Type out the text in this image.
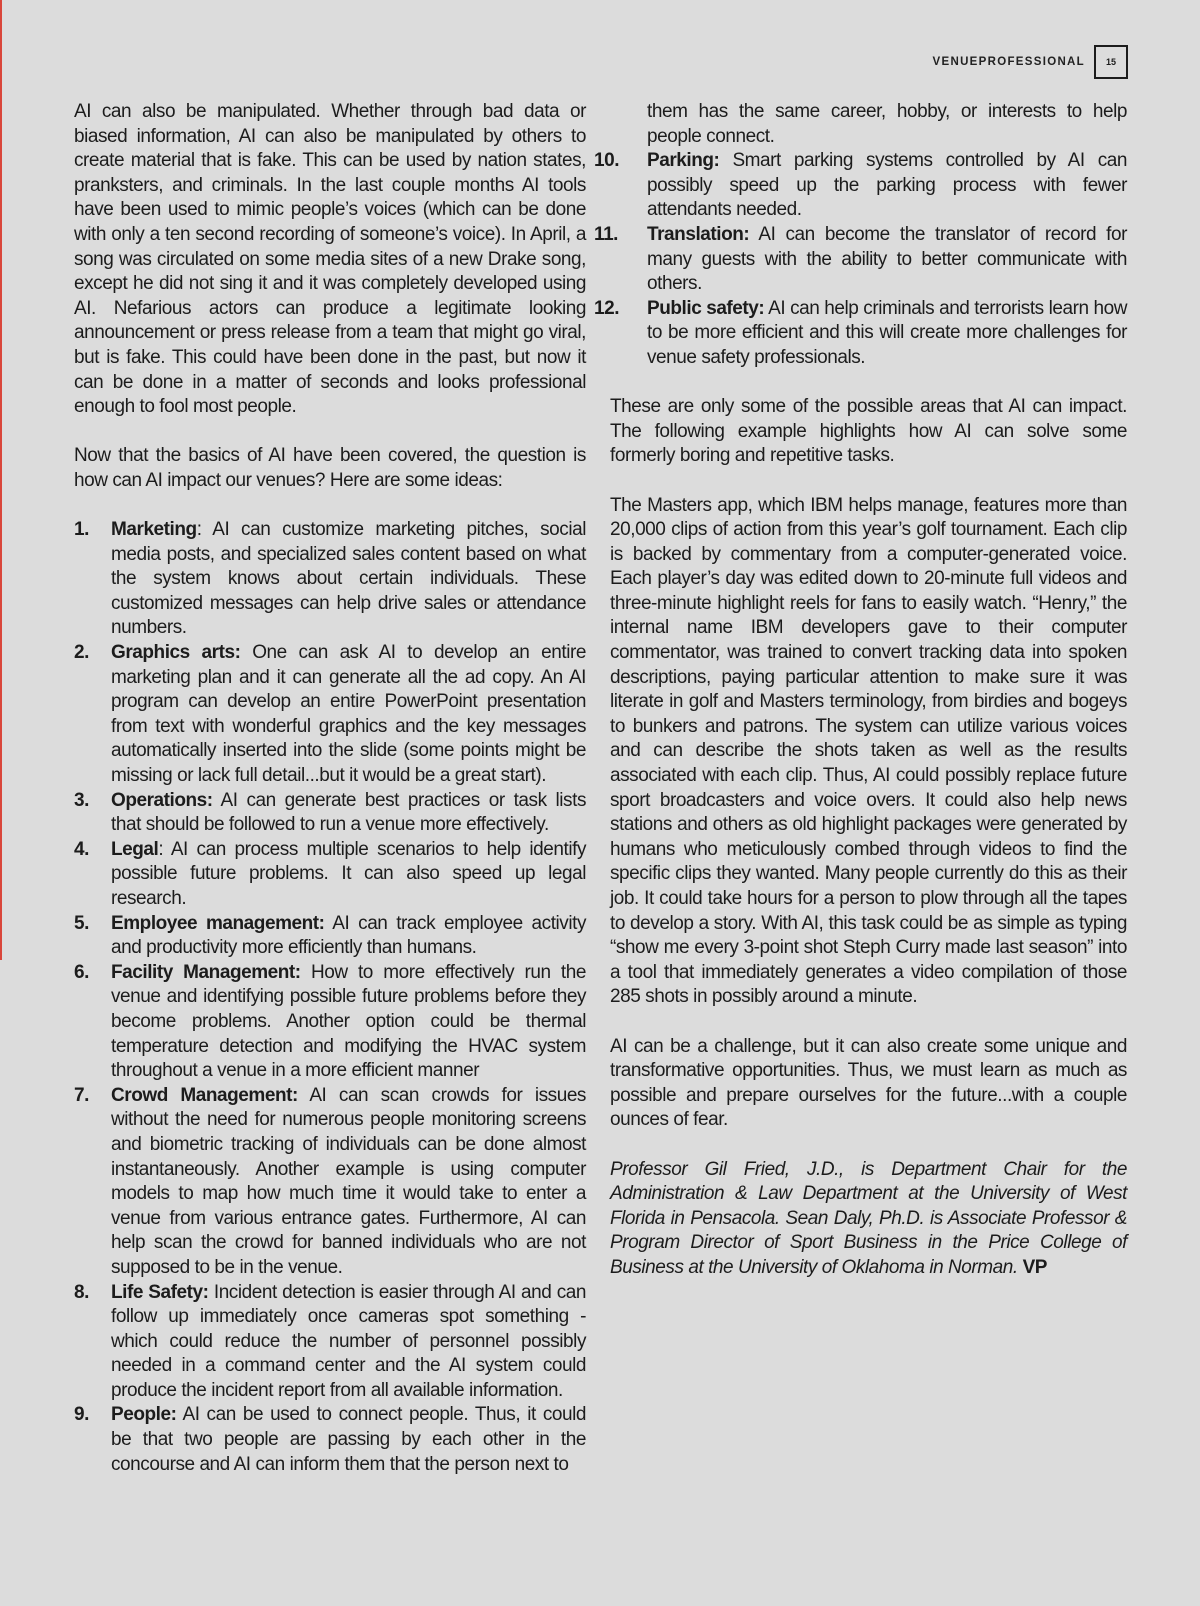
VENUEPROFESSIONAL	15

AI can also be manipulated. Whether through bad data or biased information, AI can also be manipulated by others to create material that is fake. This can be used by nation states, pranksters, and criminals. In the last couple months AI tools have been used to mimic people’s voices (which can be done with only a ten second recording of someone’s voice). In April, a song was circulated on some media sites of a new Drake song, except he did not sing it and it was completely developed using AI. Nefarious actors can produce a legitimate looking announcement or press release from a team that might go viral, but is fake. This could have been done in the past, but now it can be done in a matter of seconds and looks professional enough to fool most people.

Now that the basics of AI have been covered, the question is how can AI impact our venues? Here are some ideas:

1. Marketing: AI can customize marketing pitches, social media posts, and specialized sales content based on what the system knows about certain individuals. These customized messages can help drive sales or attendance numbers.
2. Graphics arts: One can ask AI to develop an entire marketing plan and it can generate all the ad copy. An AI program can develop an entire PowerPoint presentation from text with wonderful graphics and the key messages automatically inserted into the slide (some points might be missing or lack full detail...but it would be a great start).
3. Operations: AI can generate best practices or task lists that should be followed to run a venue more effectively.
4. Legal: AI can process multiple scenarios to help identify possible future problems. It can also speed up legal research.
5. Employee management: AI can track employee activity and productivity more efficiently than humans.
6. Facility Management: How to more effectively run the venue and identifying possible future problems before they become problems. Another option could be thermal temperature detection and modifying the HVAC system throughout a venue in a more efficient manner
7. Crowd Management: AI can scan crowds for issues without the need for numerous people monitoring screens and biometric tracking of individuals can be done almost instantaneously. Another example is using computer models to map how much time it would take to enter a venue from various entrance gates. Furthermore, AI can help scan the crowd for banned individuals who are not supposed to be in the venue.
8. Life Safety: Incident detection is easier through AI and can follow up immediately once cameras spot something - which could reduce the number of personnel possibly needed in a command center and the AI system could produce the incident report from all available information.
9. People: AI can be used to connect people. Thus, it could be that two people are passing by each other in the concourse and AI can inform them that the person next to

them has the same career, hobby, or interests to help people connect.

10. Parking: Smart parking systems controlled by AI can possibly speed up the parking process with fewer attendants needed.
11. Translation: AI can become the translator of record for many guests with the ability to better communicate with others.
12. Public safety: AI can help criminals and terrorists learn how to be more efficient and this will create more challenges for venue safety professionals.

These are only some of the possible areas that AI can impact. The following example highlights how AI can solve some formerly boring and repetitive tasks.

The Masters app, which IBM helps manage, features more than 20,000 clips of action from this year’s golf tournament. Each clip is backed by commentary from a computer-generated voice. Each player’s day was edited down to 20-minute full videos and three-minute highlight reels for fans to easily watch. “Henry,” the internal name IBM developers gave to their computer commentator, was trained to convert tracking data into spoken descriptions, paying particular attention to make sure it was literate in golf and Masters terminology, from birdies and bogeys to bunkers and patrons. The system can utilize various voices and can describe the shots taken as well as the results associated with each clip. Thus, AI could possibly replace future sport broadcasters and voice overs. It could also help news stations and others as old highlight packages were generated by humans who meticulously combed through videos to find the specific clips they wanted. Many people currently do this as their job. It could take hours for a person to plow through all the tapes to develop a story. With AI, this task could be as simple as typing “show me every 3-point shot Steph Curry made last season” into a tool that immediately generates a video compilation of those 285 shots in possibly around a minute.

AI can be a challenge, but it can also create some unique and transformative opportunities. Thus, we must learn as much as possible and prepare ourselves for the future...with a couple ounces of fear.

Professor Gil Fried, J.D., is Department Chair for the Administration & Law Department at the University of West Florida in Pensacola. Sean Daly, Ph.D. is Associate Professor & Program Director of Sport Business in the Price College of Business at the University of Oklahoma in Norman. VP
